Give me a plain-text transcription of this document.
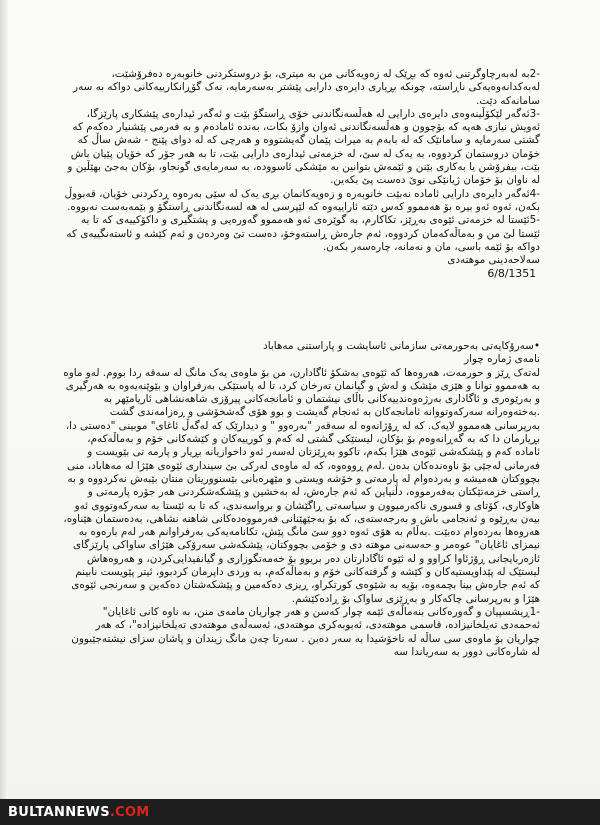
-2به لەبەرچاوگرتنی ئەوە کە بڕێک لە زەویەکانی من بە میتری، بۆ دروستکردنی خانوبەرە دەفرۆشێت، لەبەکدانەوەیەکی ناڕاستە، چونکە بڕیاری دایرەی دارایی پێشتر بەسەرمایە، نەک گۆڕانکارییەکانی دواکە بە سەر سامانەکە دێت.

-3ئەگەر لێکۆڵینەوەی دایرەی دارایی لە هەڵسەنگاندنی خۆی ڕاستگۆ بێت و ئەگەر ئیدارەی پێشکاری پارێزگا، ئەویش نیازی هەیە کە بۆچوون و هەڵسەنگاندنی ئەوان وازۆ بکات، بەندە ئامادەم و بە فەرمی پێشنیار دەکەم کە گشتی سەرمایە و سامانێک کە لە بابەم بە میرات پێمان گەیشتووە و هەرچی کە لە دوای پێنج - شەش ساڵ کە خۆمان دروستمان کردووە، بە یەک لە سێ، لە خزمەتی ئیدارەی دارایی بێت، تا بە هەر جۆر کە خۆیان پێیان باش بێت، بیفرۆشن یا بەکاری بێنن و ئێمەش بتوانین بە مێشکی ئاسوودە، بە سەرمایەی گونجاو، بۆکان بەجێ بهێڵین و لە ناوان بۆ خۆمان ژیانێکی نوێ دەست پێ بکەین.

-4ئەگەر دایرەی دارایی ئامادە نەبێت خانوبەرە و زەویەکانمان بڕی یەک لە سێی بەرەوە ڕدکردنی خۆیان، قەبووڵ بکەن، ئەوە ئەو بیرە بۆ هەمموو کەس دێتە ئاراییەوە کە لێپرسی لە هە لسەنگاندنی ڕاستگۆ و بێمەبەست نەبووە.

-5ئێستا لە خزمەتی ئێوەی بەڕێز، تکاکارم، بە گوێرەی ئەو هەمموو گەورەیی و پشتگیری و داکۆکییەی کە تا بە ئێستا لێ من و بەماڵەکەمان کردووە، ئەم جارەش ڕاستەوخۆ، دەست تێ وەردەن و ئەم کێشە و ئاستەنگییەی کە دواکە بۆ ئێمە باسی، مان و نەمانە، چارەسەر بکەن.

سەلاحەدینی موهتەدی
6/8/1351

•سەرۆکایەتی بەحورمەتی سازمانی ئاسایشت و پاراستنی مەهاباد

نامەی ژمارە چوار

لەتەک ڕێز و حورمەت، هەروەها کە ئێوەی بەشکۆ ئاگادارن، من بۆ ماوەی یەک مانگ لە سەقە ردا بووم. لەو ماوە بە هەمموو توانا و هێزی مێشک و لەش و گیانمان تەرخان کرد، تا لە پاستێکی بەرفراوان و بێوێنەیەوە بە هەرگیری و بەرێوەری و ئاگاداری بەرژەوەندییەکانی باڵای نیشتمان و ئامانجەکانی پیرۆزی شاهەنشاهی ئاریامێهر بە .بەختەوەرانە سەرکەوتووانە ئامانجەکان بە ئەنجام گەیشت و بوو هۆی گەشخۆشی و ڕەزامەندی گشت بەرپرسانی هەمموو لایەک. کە لە ڕۆژانەوە لە سەقەر "بەرەوو " و دیدارێک کە لەگەڵ ئاغای" موبینی "دەستی دا، بڕیارمان دا کە بە گەڕانەوەم بۆ بۆکان، لیستێکی گشتی لە کەم و کورییەکان و کێشەکانی خۆم و بەماڵەکەم، ئامادە کەم و پێشکەشی ئێوەی هێژا بکەم، تاکوو بەڕێزتان لەسەر ئەو داخوازیانە بڕیار و پارمە تی بێویست و فەرمانی لەجێی بۆ ناوەندەکان بدەن .لەم ڕووەوە، کە لە ماوەی لەرکی بێ سینداری ئێوەی هێژا لە مەهاباد، منی بچووکتان هەمیشە و بەردەوام لە پارمەتی و خۆشە ویستی و مێهرەبانی بێسنووریتان منتان بێبەش نەکردووە و بە ڕاستی خزمەتێکتان بەفەرمووە، دڵنیاین کە ئەم جارەش، لە بەخشین و پێشکەشکردنی هەر جۆرە پارمەتی و هاوکاری، کۆتای و قسوری ناکەرمیوون و سیاسەتی ڕاگێشان و برواسەندی، کە تا بە ئێستا بە سەرکەوتووی ئەو بیەن بەڕێوە و ئەنجامی باش و بەرجەستەی، کە بۆ بەجێهێنانی فەرمووەدەکانی شاهنە نشاهی، بەدەستمان هێناوە، هەروەها بەردەوام دەبێت .بەڵام بە هۆی ئەوە دوو سێ مانگ پێش، تکانامەیەکی بەرفراوانم هەر لەم بارەوە بە نیمزای ئاغایان" عوەمر و حەسەنی موهتە دی و خۆمی بچووکتان، پێشکەشی سەرۆکی هێژای ساواکی پارێزگای ئازەربایجانی ڕۆژئاوا کراوو و لە ئێوە ئاگادارتان دەر بریوو بۆ خەمەتگوزاری و گیانفیدایی‌کردن، و هەروەهاش لیستێک لە پێداویستیەکان و کێشە و گرفتەکانی خۆم و بەماڵەکەم، بە وردی داپرمان کردبوو، ئیتر پێویست نابینم کە ئەم جارەش بینا بچمەوە، بۆیە بە شێوەی کورتکراو، ڕیزی دەکەمین و پێشکەشتان دەکەین و سەرنجی ئێوەی هێژا و بەرپرسانی چاکەکار و بەڕێزی ساواک بۆ ڕادەکێشم.

-1ڕیشسپیان و گەورەکانی بنەماڵەی ئێمە چوار کەسن و هەر چواریان مامەی منن، بە ناوە کانی ئاغایان" ئەحمەدی تەیلخانیزادە، قاسمی موهتەدی، ئەبوبەکری موهتەدی، ئەسەڵەی موهتەدی تەیلخانیزادە"، کە هەر چواریان بۆ ماوەی سی ساڵە لە ناخۆشیدا بە سەر دەبن . سەرتا چەن مانگ زیندان و پاشان سزای نیشتەجێبوون لە شارەکانی دوور بە سەریاندا سە

BULTANNEWS.COM
